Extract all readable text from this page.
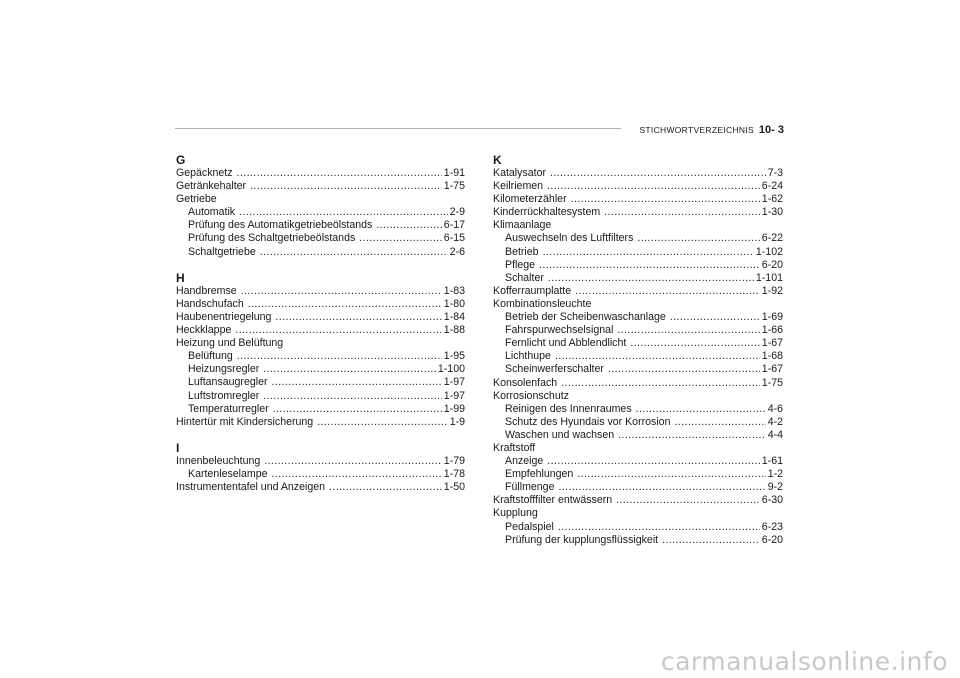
STICHWORTVERZEICHNIS 10- 3
G
Gepäcknetz .....	1-91
Getränkehalter .....	1-75
Getriebe
Automatik .....	2-9
Prüfung des Automatikgetriebeölstands .....	6-17
Prüfung des Schaltgetriebeölstands .....	6-15
Schaltgetriebe .....	2-6
H
Handbremse .....	1-83
Handschufach .....	1-80
Haubenentriegelung .....	1-84
Heckklappe .....	1-88
Heizung und Belüftung
Belüftung .....	1-95
Heizungsregler .....	1-100
Luftansaugregler .....	1-97
Luftstromregler .....	1-97
Temperaturregler .....	1-99
Hintertür mit Kindersicherung .....	1-9
I
Innenbeleuchtung .....	1-79
Kartenleselampe .....	1-78
Instrumententafel und Anzeigen .....	1-50
K
Katalysator .....	7-3
Keilriemen .....	6-24
Kilometerzähler .....	1-62
Kinderrückhaltesystem .....	1-30
Klimaanlage
Auswechseln des Luftfilters .....	6-22
Betrieb .....	1-102
Pflege .....	6-20
Schalter .....	1-101
Kofferraumplatte .....	1-92
Kombinationsleuchte
Betrieb der Scheibenwaschanlage .....	1-69
Fahrspurwechselsignal .....	1-66
Fernlicht und Abblendlicht .....	1-67
Lichthupe .....	1-68
Scheinwerferschalter .....	1-67
Konsolenfach .....	1-75
Korrosionschutz
Reinigen des Innenraumes .....	4-6
Schutz des Hyundais vor Korrosion .....	4-2
Waschen und wachsen .....	4-4
Kraftstoff
Anzeige .....	1-61
Empfehlungen .....	1-2
Füllmenge .....	9-2
Kraftstofffilter entwässern .....	6-30
Kupplung
Pedalspiel .....	6-23
Prüfung der kupplungsflüssigkeit .....	6-20
carmanualsonline.info
